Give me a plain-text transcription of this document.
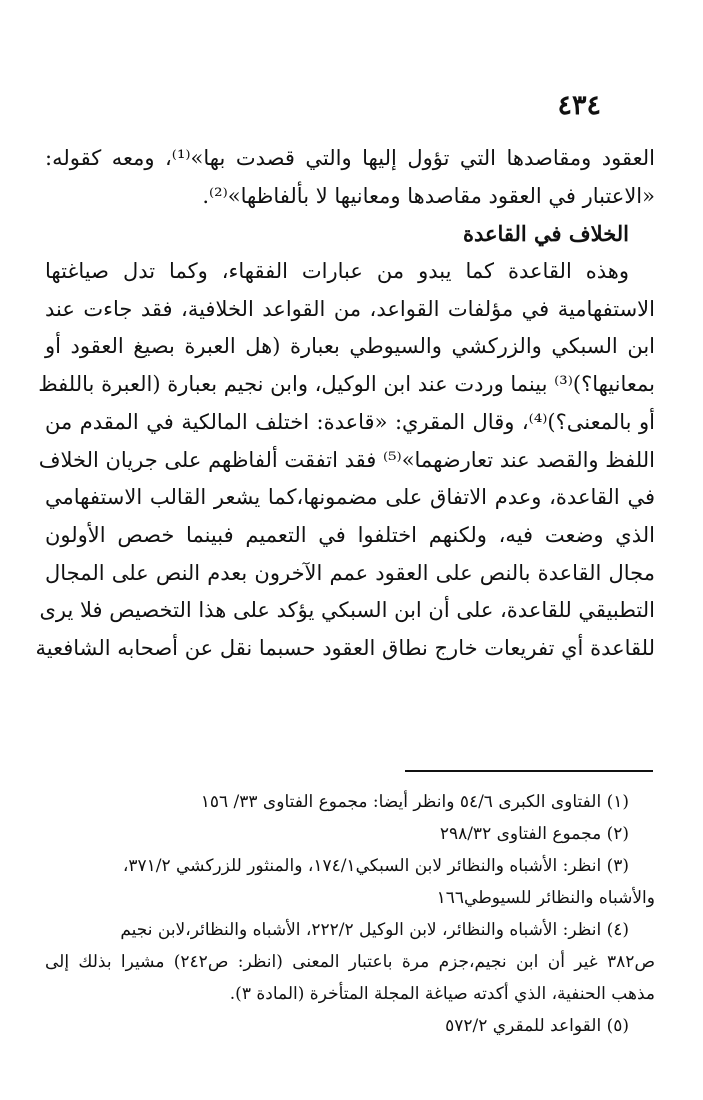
٤٣٤
العقود ومقاصدها التي تؤول إليها والتي قصدت بها»⁽¹⁾، ومعه كقوله:
«الاعتبار في العقود مقاصدها ومعانيها لا بألفاظها»⁽²⁾.
الخلاف في القاعدة
وهذه القاعدة كما يبدو من عبارات الفقهاء، وكما تدل صياغتها
الاستفهامية في مؤلفات القواعد، من القواعد الخلافية، فقد جاءت عند
ابن السبكي والزركشي والسيوطي بعبارة (هل العبرة بصيغ العقود أو
بمعانيها؟)⁽³⁾ بينما وردت عند ابن الوكيل، وابن نجيم بعبارة (العبرة باللفظ
أو بالمعنى؟)⁽⁴⁾، وقال المقري: «قاعدة: اختلف المالكية في المقدم من
اللفظ والقصد عند تعارضهما»⁽⁵⁾ فقد اتفقت ألفاظهم على جريان الخلاف
في القاعدة، وعدم الاتفاق على مضمونها،كما يشعر القالب الاستفهامي
الذي وضعت فيه، ولكنهم اختلفوا في التعميم فبينما خصص الأولون
مجال القاعدة بالنص على العقود عمم الآخرون بعدم النص على المجال
التطبيقي للقاعدة، على أن ابن السبكي يؤكد على هذا التخصيص فلا يرى
للقاعدة أي تفريعات خارج نطاق العقود حسبما نقل عن أصحابه الشافعية
(١) الفتاوى الكبرى ٥٤/٦ وانظر أيضا: مجموع الفتاوى ٣٣/ ١٥٦
(٢) مجموع الفتاوى ٢٩٨/٣٢
(٣) انظر: الأشباه والنظائر لابن السبكي١٧٤/١، والمنثور للزركشي ٣٧١/٢،
والأشباه والنظائر للسيوطي١٦٦
(٤) انظر: الأشباه والنظائر، لابن الوكيل ٢٢٢/٢، الأشباه والنظائر،لابن نجيم
ص٣٨٢ غير أن ابن نجيم،جزم مرة باعتبار المعنى (انظر: ص٢٤٢) مشيرا بذلك إلى
مذهب الحنفية، الذي أكدته صياغة المجلة المتأخرة (المادة ٣).
(٥) القواعد للمقري ٥٧٢/٢
